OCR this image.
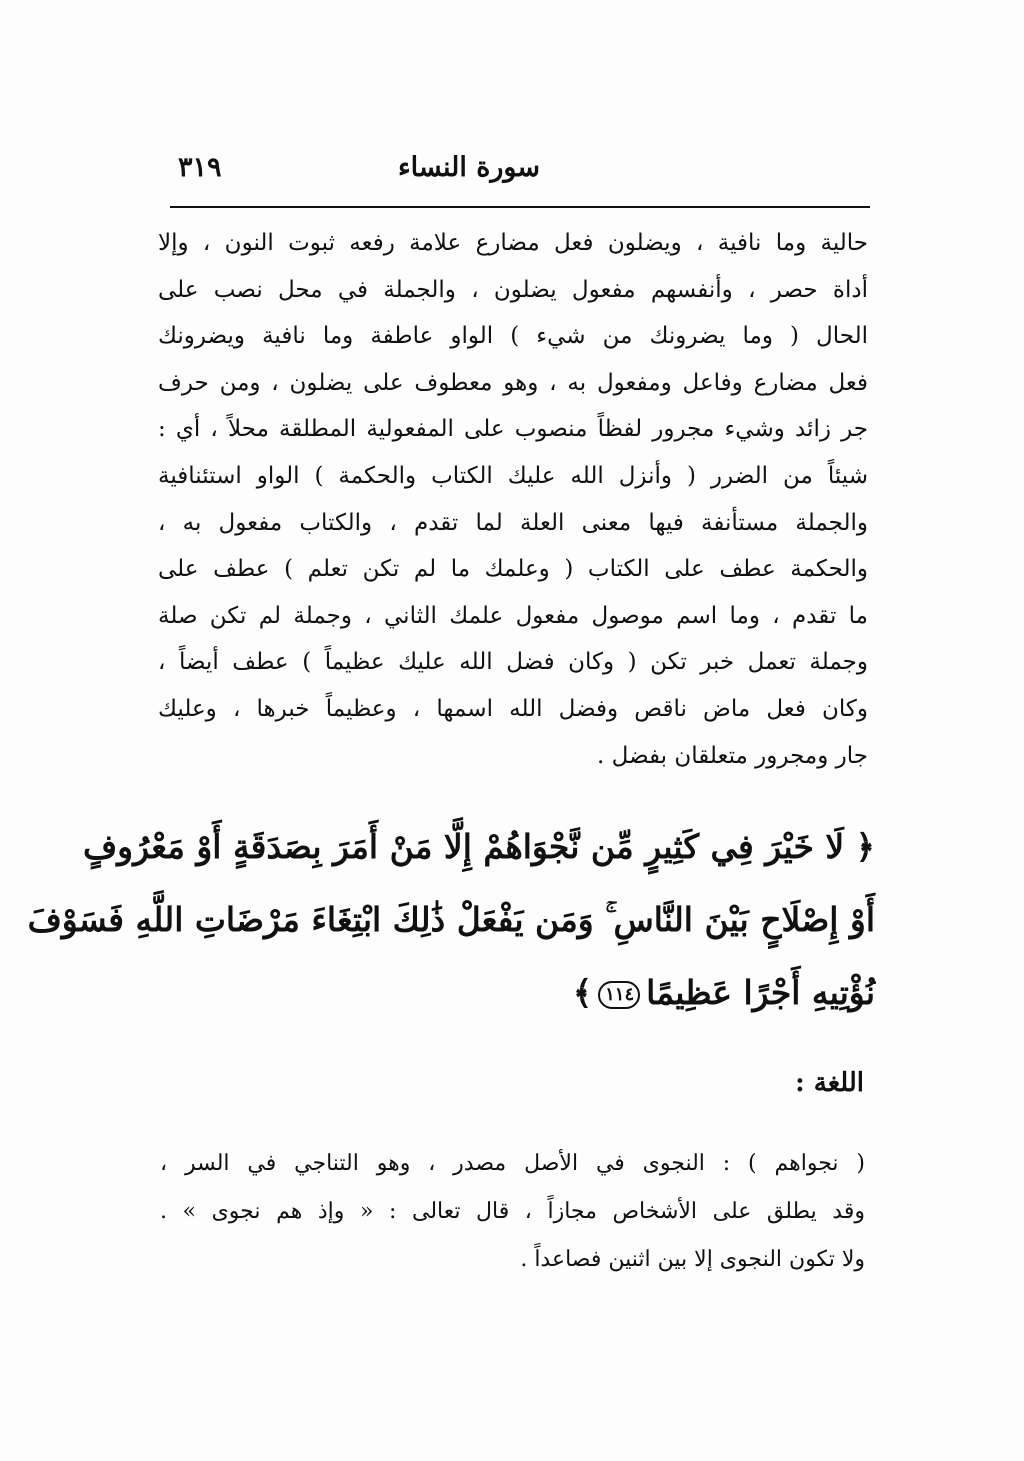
سورة النساء
٣١٩
حالية وما نافية ، ويضلون فعل مضارع علامة رفعه ثبوت النون ، وإلا
أداة حصر ، وأنفسهم مفعول يضلون ، والجملة في محل نصب على
الحال ( وما يضرونك من شيء ) الواو عاطفة وما نافية ويضرونك
فعل مضارع وفاعل ومفعول به ، وهو معطوف على يضلون ، ومن حرف
جر زائد وشيء مجرور لفظاً منصوب على المفعولية المطلقة محلاً ، أي :
شيئاً من الضرر ( وأنزل الله عليك الكتاب والحكمة ) الواو استئنافية
والجملة مستأنفة فيها معنى العلة لما تقدم ، والكتاب مفعول به ،
والحكمة عطف على الكتاب ( وعلمك ما لم تكن تعلم ) عطف على
ما تقدم ، وما اسم موصول مفعول علمك الثاني ، وجملة لم تكن صلة
وجملة تعمل خبر تكن ( وكان فضل الله عليك عظيماً ) عطف أيضاً ،
وكان فعل ماض ناقص وفضل الله اسمها ، وعظيماً خبرها ، وعليك
جار ومجرور متعلقان بفضل .
﴿ لَا خَيْرَ فِي كَثِيرٍ مِّن نَّجْوَاهُمْ إِلَّا مَنْ أَمَرَ بِصَدَقَةٍ أَوْ مَعْرُوفٍ
أَوْ إِصْلَاحٍ بَيْنَ النَّاسِ ۚ وَمَن يَفْعَلْ ذَٰلِكَ ابْتِغَاءَ مَرْضَاتِ اللَّهِ فَسَوْفَ
نُؤْتِيهِ أَجْرًا عَظِيمًا١١٤﴾
اللغة :
( نجواهم ) : النجوى في الأصل مصدر ، وهو التناجي في السر ،
وقد يطلق على الأشخاص مجازاً ، قال تعالى : « وإذ هم نجوى » .
ولا تكون النجوى إلا بين اثنين فصاعداً .
